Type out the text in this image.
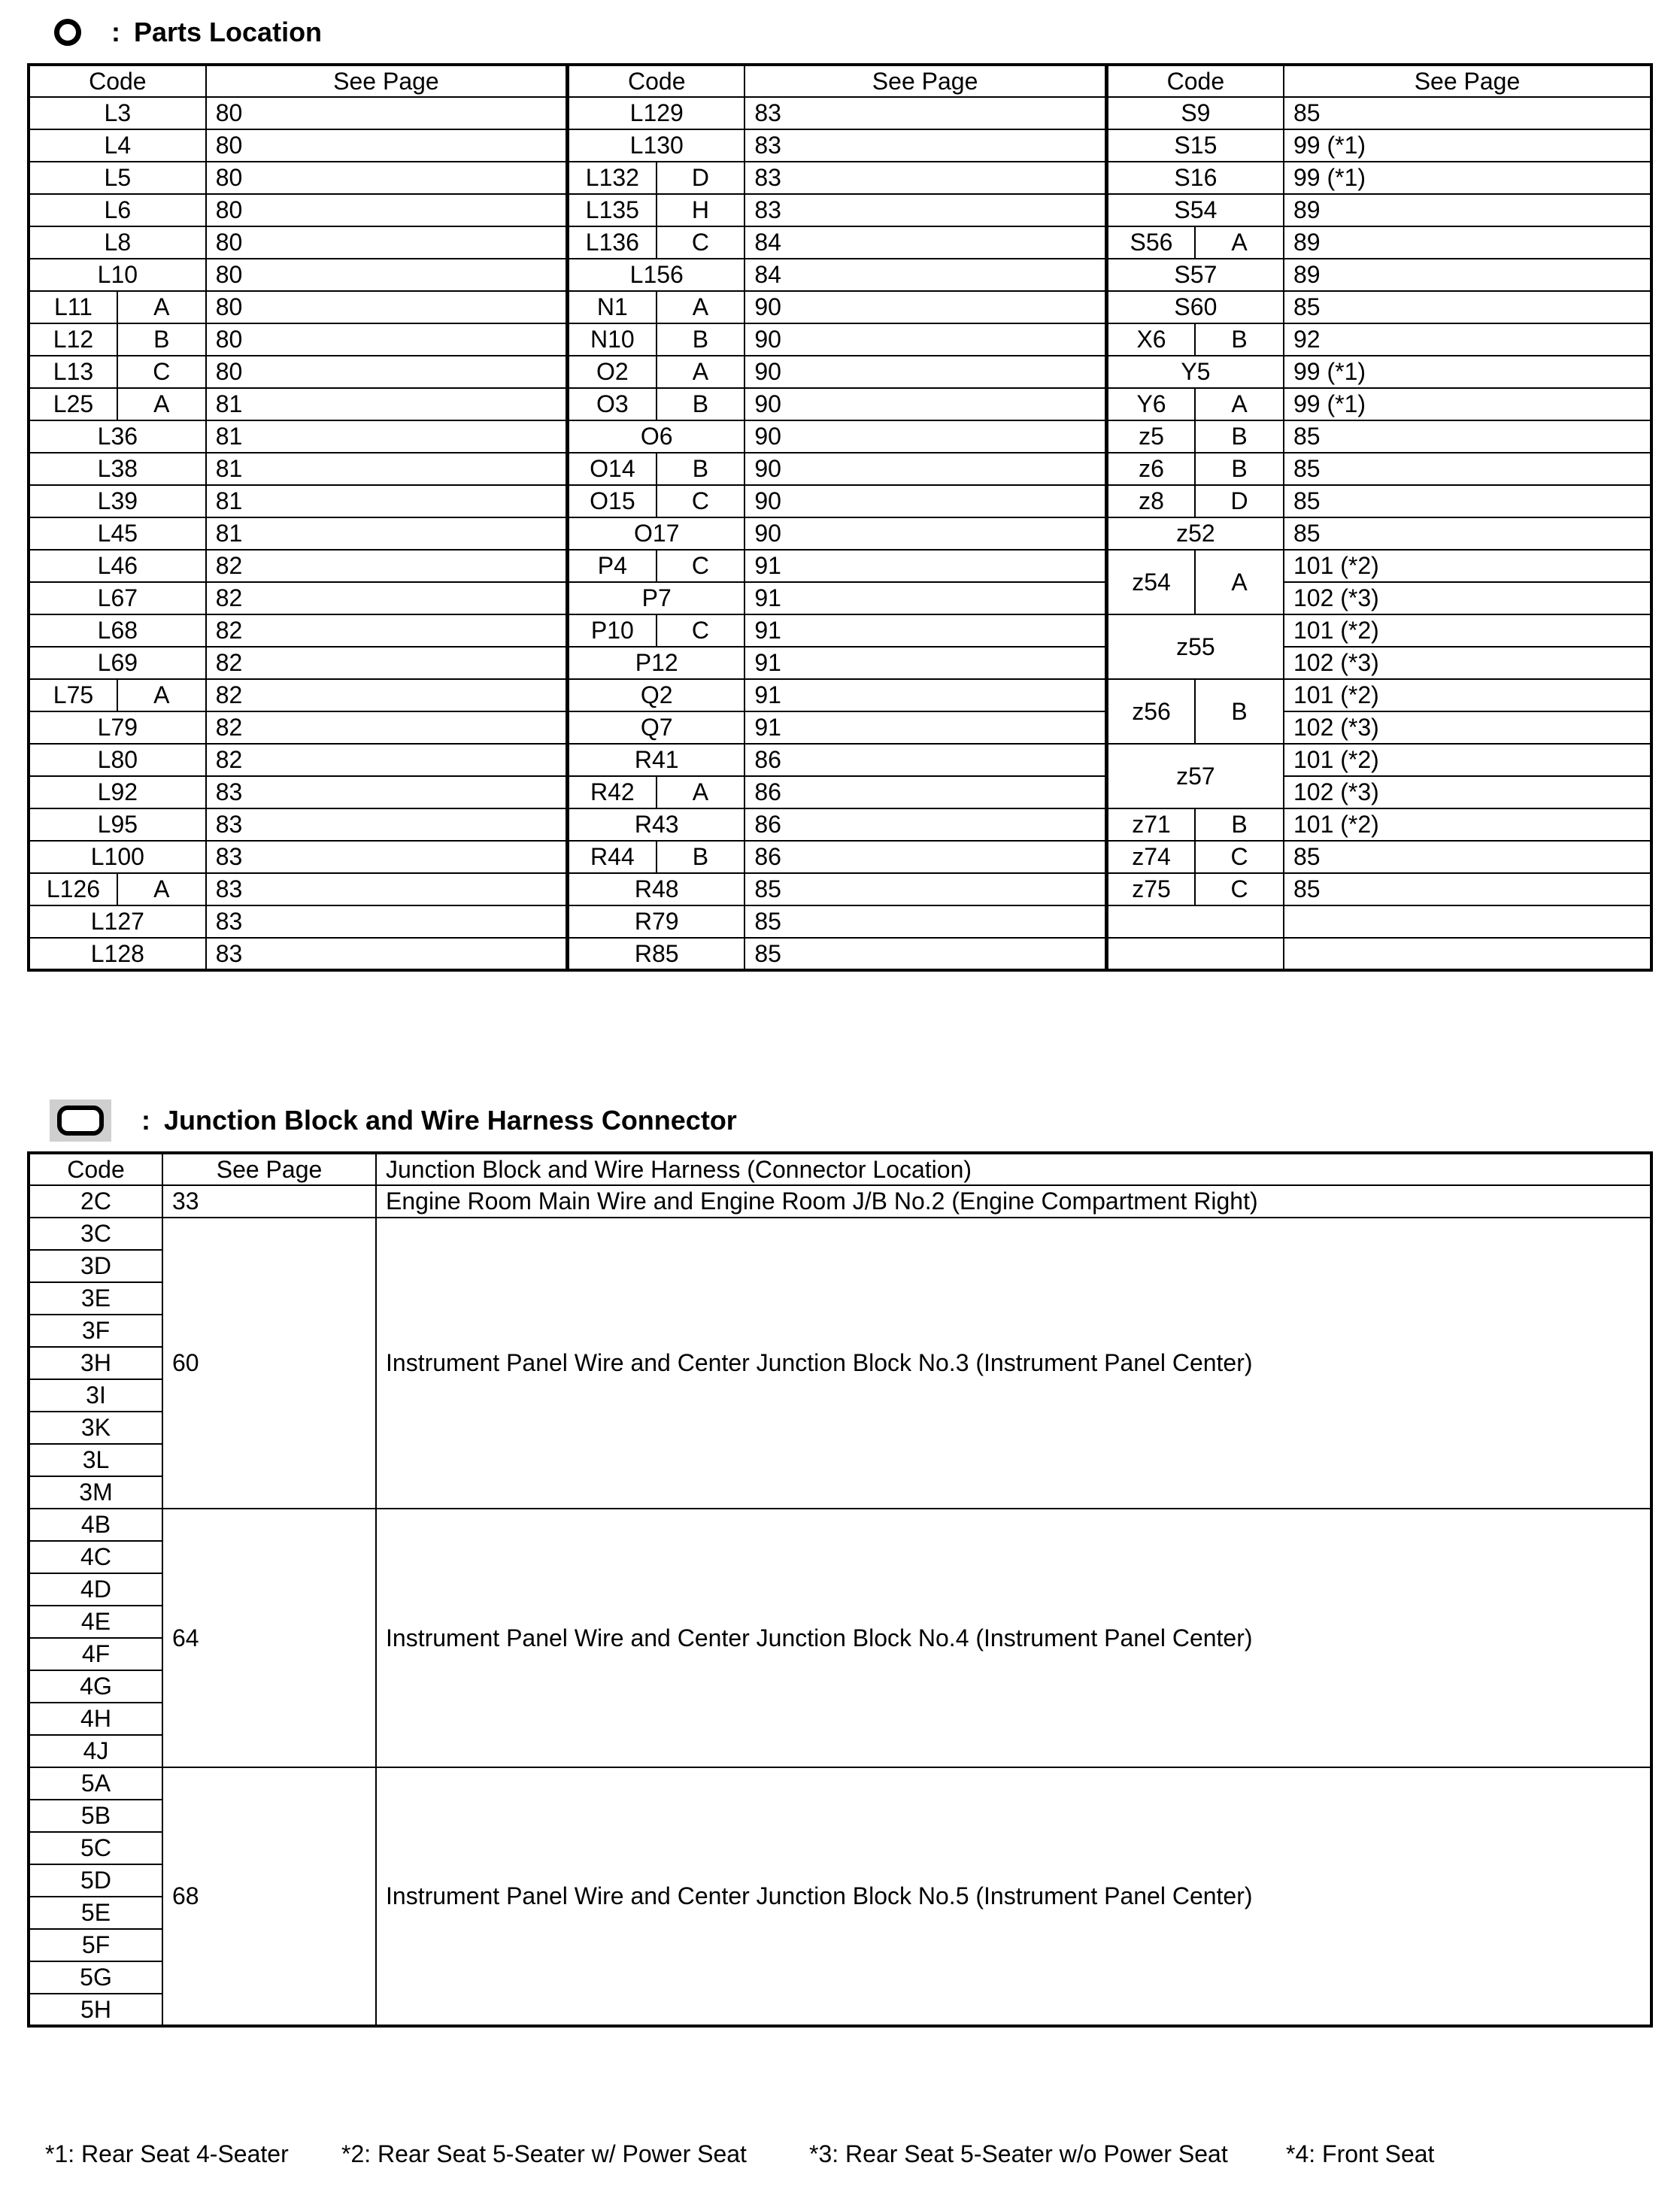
: Parts Location
Code		See Page	Code		See Page	Code		See Page
L3		80	L129		83	S9		85
L4		80	L130		83	S15		99 (*1)
L5		80	L132	D	83	S16		99 (*1)
L6		80	L135	H	83	S54		89
L8		80	L136	C	84	S56	A	89
L10		80	L156		84	S57		89
L11	A	80	N1	A	90	S60		85
L12	B	80	N10	B	90	X6	B	92
L13	C	80	O2	A	90	Y5		99 (*1)
L25	A	81	O3	B	90	Y6	A	99 (*1)
L36		81	O6		90	z5	B	85
L38		81	O14	B	90	z6	B	85
L39		81	O15	C	90	z8	D	85
L45		81	O17		90	z52		85
L46		82	P4	C	91	z54	A	101 (*2)
L67		82	P7		91			102 (*3)
L68		82	P10	C	91	z55		101 (*2)
L69		82	P12		91			102 (*3)
L75	A	82	Q2		91	z56	B	101 (*2)
L79		82	Q7		91			102 (*3)
L80		82	R41		86	z57		101 (*2)
L92		83	R42	A	86			102 (*3)
L95		83	R43		86	z71	B	101 (*2)
L100		83	R44	B	86	z74	C	85
L126	A	83	R48		85	z75	C	85
L127		83	R79		85			
L128		83	R85		85			
: Junction Block and Wire Harness Connector
Code	See Page	Junction Block and Wire Harness (Connector Location)
2C	33	Engine Room Main Wire and Engine Room J/B No.2 (Engine Compartment Right)
3C	60	Instrument Panel Wire and Center Junction Block No.3 (Instrument Panel Center)
3D		
3E		
3F		
3H		
3I		
3K		
3L		
3M		
4B	64	Instrument Panel Wire and Center Junction Block No.4 (Instrument Panel Center)
4C		
4D		
4E		
4F		
4G		
4H		
4J		
5A	68	Instrument Panel Wire and Center Junction Block No.5 (Instrument Panel Center)
5B		
5C		
5D		
5E		
5F		
5G		
5H		
*1: Rear Seat 4-Seater *2: Rear Seat 5-Seater w/ Power Seat	*3: Rear Seat 5-Seater w/o Power Seat *4: Front Seat
